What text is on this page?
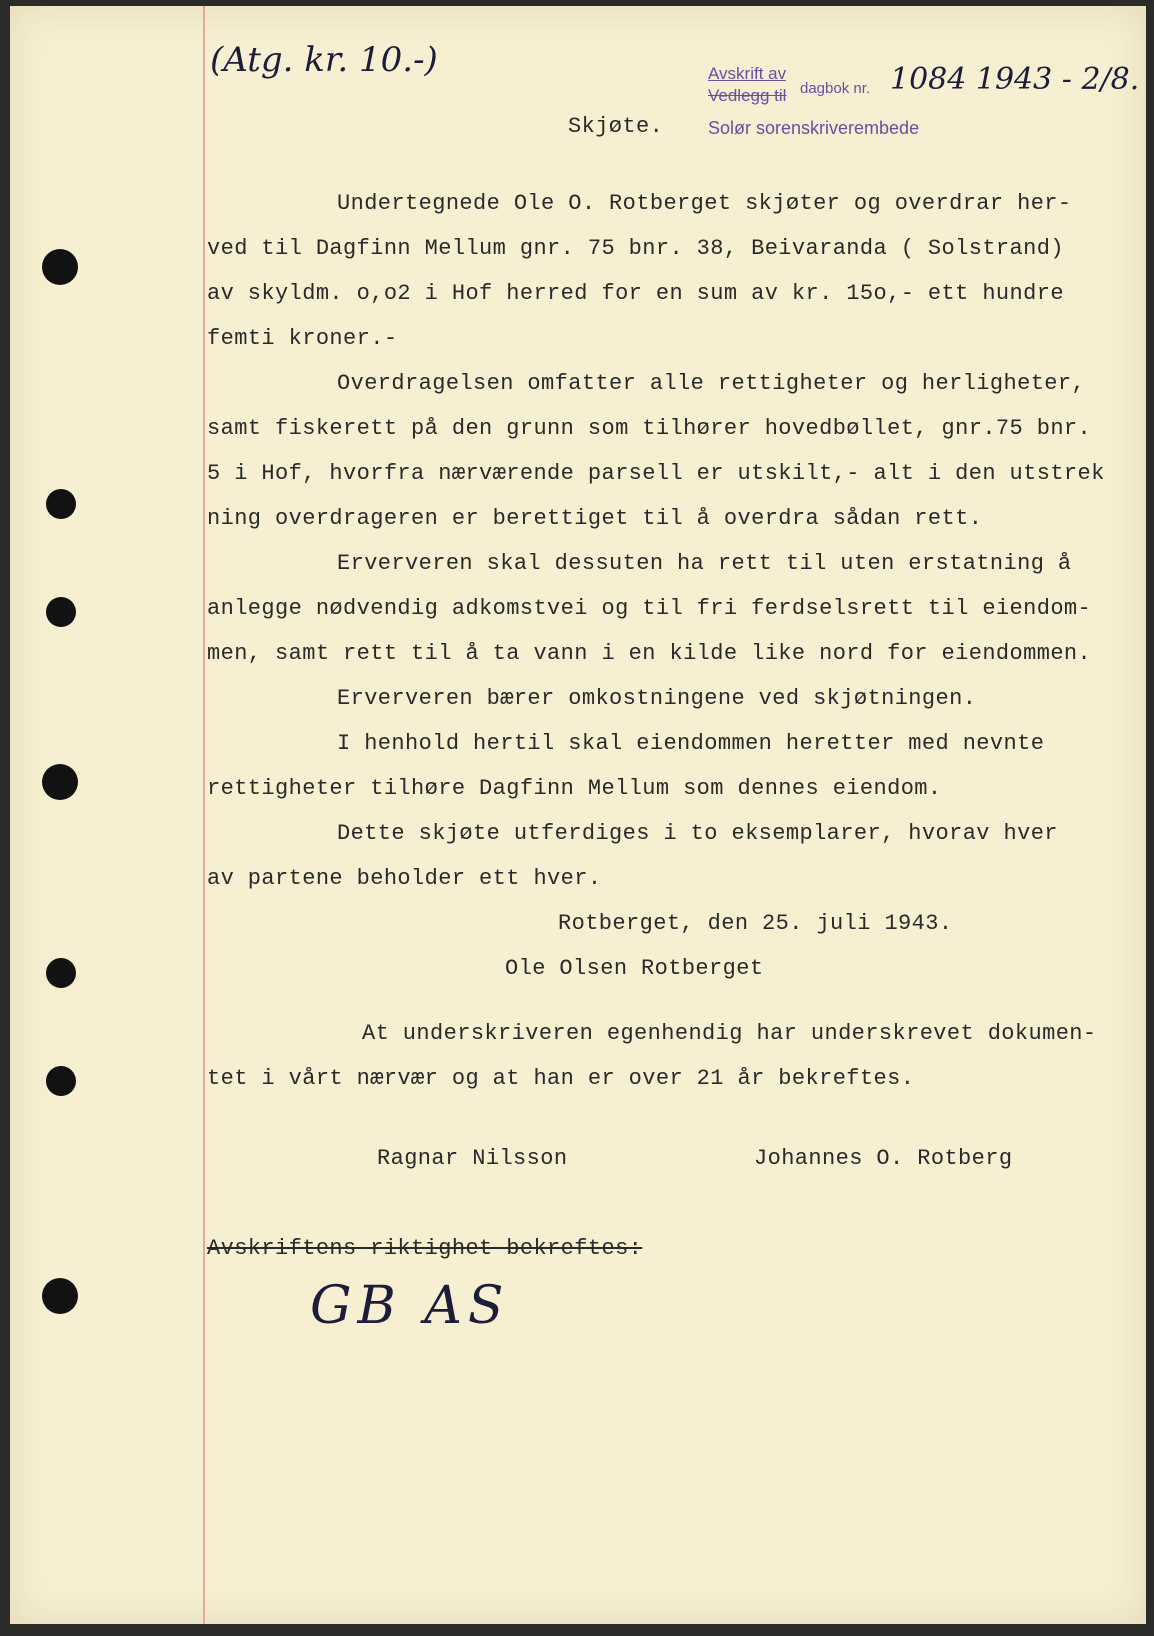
(Atg. kr. 10.-)	Avskrift av
Vedlegg til dagbok nr. 1084 1943 - 2/8.
Solør sorenskriverembede
Skjøte.
Undertegnede Ole O. Rotberget skjøter og overdrar her-
ved til Dagfinn Mellum gnr. 75 bnr. 38, Beivaranda ( Solstrand)
av skyldm. o,o2 i Hof herred for en sum av kr. 15o,- ett hundre
femti kroner.-
Overdragelsen omfatter alle rettigheter og herligheter,
samt fiskerett på den grunn som tilhører hovedbøllet, gnr.75 bnr.
5 i Hof, hvorfra nærværende parsell er utskilt,- alt i den utstrek
ning overdrageren er berettiget til å overdra sådan rett.
Erververen skal dessuten ha rett til uten erstatning å
anlegge nødvendig adkomstvei og til fri ferdselsrett til eiendom-
men, samt rett til å ta vann i en kilde like nord for eiendommen.
Erververen bærer omkostningene ved skjøtningen.
I henhold hertil skal eiendommen heretter med nevnte
rettigheter tilhøre Dagfinn Mellum som dennes eiendom.
Dette skjøte utferdiges i to eksemplarer, hvorav hver
av partene beholder ett hver.
Rotberget, den 25. juli 1943.
Ole Olsen Rotberget
At underskriveren egenhendig har underskrevet dokumen-
tet i vårt nærvær og at han er over 21 år bekreftes.
Ragnar Nilsson	Johannes O. Rotberg
Avskriftens riktighet bekreftes:
GB AS
